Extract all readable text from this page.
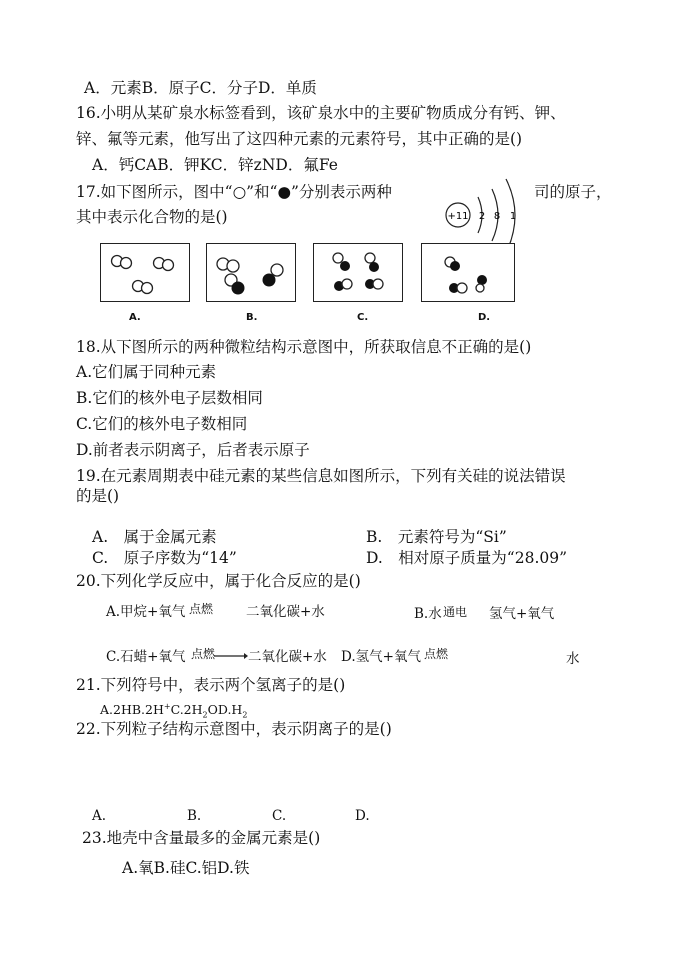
A．元素B．原子C．分子D．单质
16.小明从某矿泉水标签看到，该矿泉水中的主要矿物质成分有钙、钾、
锌、氟等元素，他写出了这四种元素的元素符号，其中正确的是()
A．钙CAB．钾KC．锌zND．氟Fe
17.如下图所示，图中“○”和“●”分别表示两种	司的原子，
其中表示化合物的是()	+11 2 8 1
A.	B.	C.	D.
18.从下图所示的两种微粒结构示意图中，所获取信息不正确的是()
A.它们属于同种元素
B.它们的核外电子层数相同
C.它们的核外电子数相同
D.前者表示阴离子，后者表示原子
19.在元素周期表中硅元素的某些信息如图所示，下列有关硅的说法错误
的是()
A.　属于金属元素	B.　元素符号为“Si”
C.　原子序数为“14”	D.　相对原子质量为“28.09”
20.下列化学反应中，属于化合反应的是()
A.甲烷+氧气 点燃 二氧化碳+水	B.水 通电 氢气+氧气
C.石蜡+氧气 点燃 二氧化碳+水 D.氢气+氧气 点燃	水
21.下列符号中，表示两个氢离子的是()
$A.2HB.2H^+C.2H_2OD.H_2$
22.下列粒子结构示意图中，表示阴离子的是()
A.	B.	C.	D.
23.地壳中含量最多的金属元素是()
A.氧B.硅C.铝D.铁
